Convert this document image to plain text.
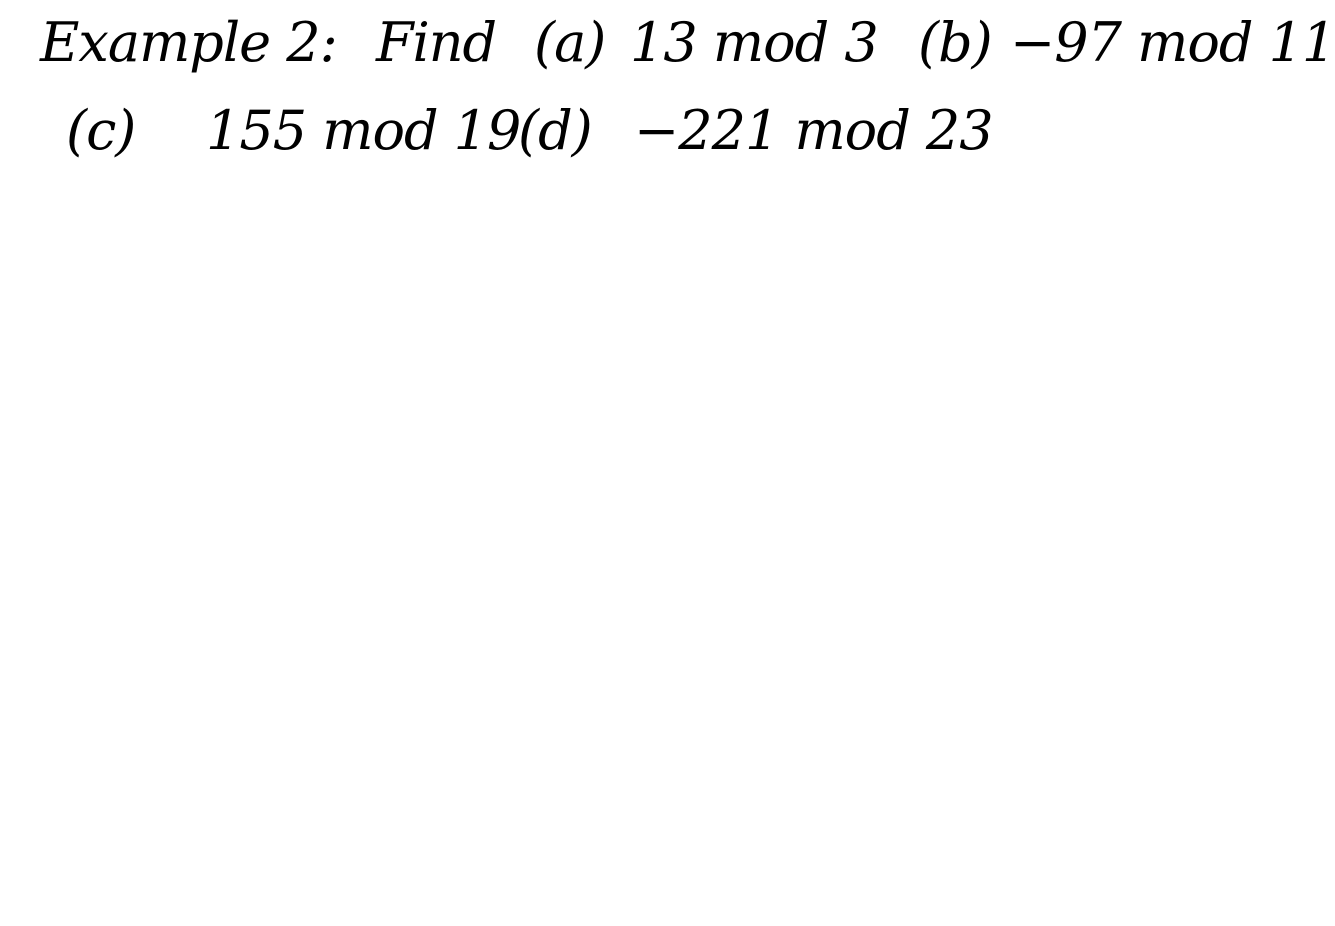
Example 2: Find (a) 13 mod 3 (b) −97 mod 11
(c) 155 mod 19
(d) −221 mod 23
